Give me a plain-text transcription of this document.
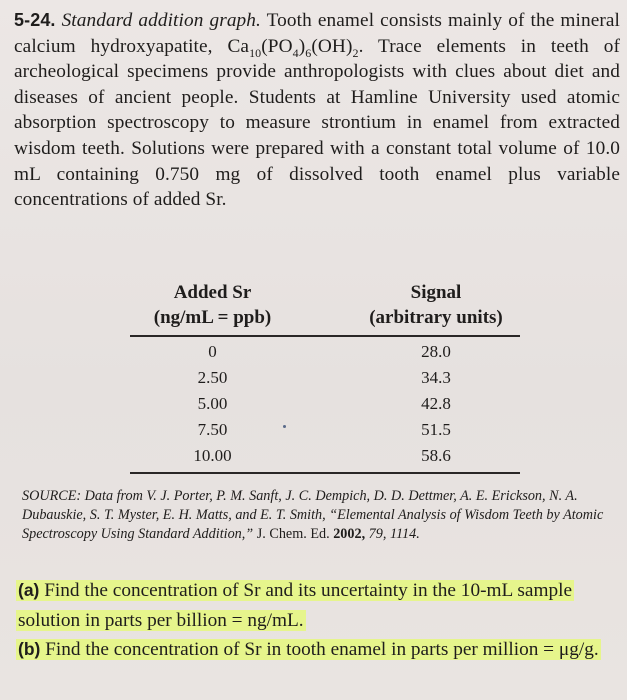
5-24. Standard addition graph. Tooth enamel consists mainly of the mineral calcium hydroxyapatite, $Ca_{10}(PO_4)_6(OH)_2$. Trace elements in teeth of archeological specimens provide anthropologists with clues about diet and diseases of ancient people. Students at Hamline University used atomic absorption spectroscopy to measure strontium in enamel from extracted wisdom teeth. Solutions were prepared with a constant total volume of 10.0 mL containing 0.750 mg of dissolved tooth enamel plus variable concentrations of added Sr.
Added Sr
(ng/mL = ppb)
Signal
(arbitrary units)
0	28.0
2.50	34.3
5.00	42.8
7.50	51.5
10.00	58.6
SOURCE: Data from V. J. Porter, P. M. Sanft, J. C. Dempich, D. D. Dettmer, A. E. Erickson, N. A. Dubauskie, S. T. Myster, E. H. Matts, and E. T. Smith, “Elemental Analysis of Wisdom Teeth by Atomic Spectroscopy Using Standard Addition,” J. Chem. Ed. 2002, 79, 1114.
(a) Find the concentration of Sr and its uncertainty in the 10-mL sample solution in parts per billion = ng/mL.
(b) Find the concentration of Sr in tooth enamel in parts per million = μg/g.
